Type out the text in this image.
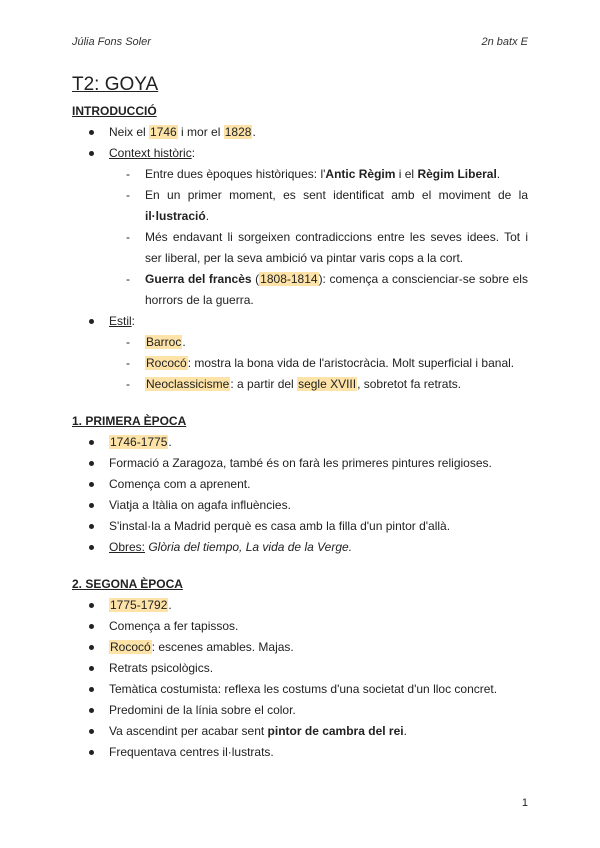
Júlia Fons Soler	2n batx E
T2: GOYA
INTRODUCCIÓ
Neix el 1746 i mor el 1828.
Context històric:
- Entre dues èpoques històriques: l'Antic Règim i el Règim Liberal.
- En un primer moment, es sent identificat amb el moviment de la il·lustració.
- Més endavant li sorgeixen contradiccions entre les seves idees. Tot i ser liberal, per la seva ambició va pintar varis cops a la cort.
- Guerra del francès (1808-1814): comença a conscienciar-se sobre els horrors de la guerra.
Estil:
- Barroc.
- Rococó: mostra la bona vida de l'aristocràcia. Molt superficial i banal.
- Neoclassicisme: a partir del segle XVIII, sobretot fa retrats.
1. PRIMERA ÈPOCA
1746-1775.
Formació a Zaragoza, també és on farà les primeres pintures religioses.
Comença com a aprenent.
Viatja a Itàlia on agafa influències.
S'instal·la a Madrid perquè es casa amb la filla d'un pintor d'allà.
Obres: Glòria del tiempo, La vida de la Verge.
2. SEGONA ÈPOCA
1775-1792.
Comença a fer tapissos.
Rococó: escenes amables. Majas.
Retrats psicològics.
Temàtica costumista: reflexa les costums d'una societat d'un lloc concret.
Predomini de la línia sobre el color.
Va ascendint per acabar sent pintor de cambra del rei.
Frequentava centres il·lustrats.
1
